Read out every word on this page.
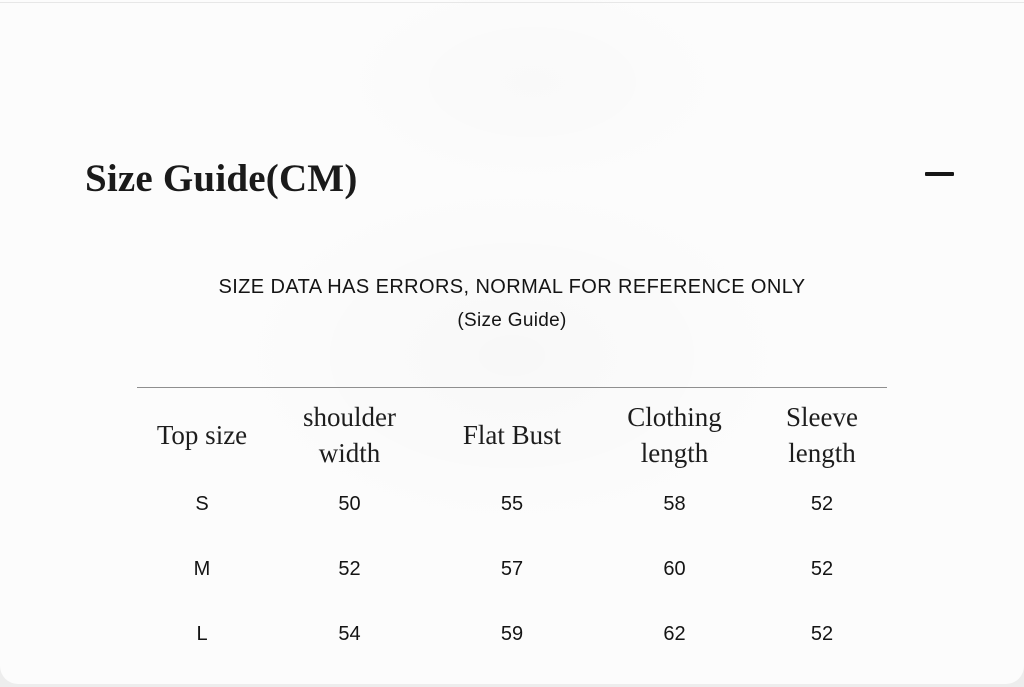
Size Guide(CM)
SIZE DATA HAS ERRORS, NORMAL FOR REFERENCE ONLY
(Size Guide)
Top size	shoulder width	Flat Bust	Clothing length	Sleeve length
S	50	55	58	52
M	52	57	60	52
L	54	59	62	52
